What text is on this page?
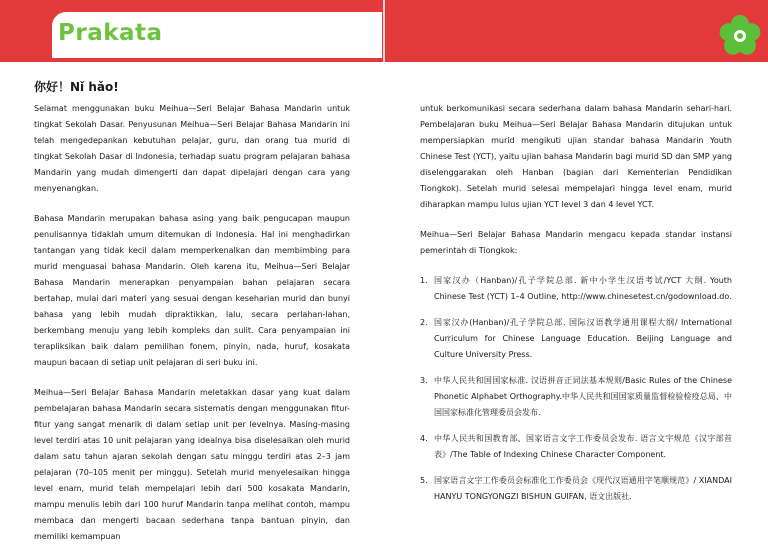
Prakata
你好！Nǐ hǎo!

Selamat menggunakan buku Meihua—Seri Belajar Bahasa Mandarin untuk tingkat Sekolah Dasar. Penyusunan Meihua—Seri Belajar Bahasa Mandarin ini telah mengedepankan kebutuhan pelajar, guru, dan orang tua murid di tingkat Sekolah Dasar di Indonesia, terhadap suatu program pelajaran bahasa Mandarin yang mudah dimengerti dan dapat dipelajari dengan cara yang menyenangkan.

Bahasa Mandarin merupakan bahasa asing yang baik pengucapan maupun penulisannya tidaklah umum ditemukan di Indonesia. Hal ini menghadirkan tantangan yang tidak kecil dalam memperkenalkan dan membimbing para murid menguasai bahasa Mandarin. Oleh karena itu, Meihua—Seri Belajar Bahasa Mandarin menerapkan penyampaian bahan pelajaran secara bertahap, mulai dari materi yang sesuai dengan keseharian murid dan bunyi bahasa yang lebih mudah dipraktikkan, lalu, secara perlahan-lahan, berkembang menuju yang lebih kompleks dan sulit. Cara penyampaian ini terapliksikan baik dalam pemilihan fonem, pinyin, nada, huruf, kosakata maupun bacaan di setiap unit pelajaran di seri buku ini.

Meihua—Seri Belajar Bahasa Mandarin meletakkan dasar yang kuat dalam pembelajaran bahasa Mandarin secara sistematis dengan menggunakan fitur-fitur yang sangat menarik di dalam setiap unit per levelnya. Masing-masing level terdiri atas 10 unit pelajaran yang idealnya bisa diselesaikan oleh murid dalam satu tahun ajaran sekolah dengan satu minggu terdiri atas 2–3 jam pelajaran (70–105 menit per minggu). Setelah murid menyelesaikan hingga level enam, murid telah mempelajari lebih dari 500 kosakata Mandarin, mampu menulis lebih dari 100 huruf Mandarin tanpa melihat contoh, mampu membaca dan mengerti bacaan sederhana tanpa bantuan pinyin, dan memiliki kemampuan

untuk berkomunikasi secara sederhana dalam bahasa Mandarin sehari-hari. Pembelajaran buku Meihua—Seri Belajar Bahasa Mandarin ditujukan untuk mempersiapkan murid mengikuti ujian standar bahasa Mandarin Youth Chinese Test (YCT), yaitu ujian bahasa Mandarin bagi murid SD dan SMP yang diselenggarakan oleh Hanban (bagian dari Kementerian Pendidikan Tiongkok). Setelah murid selesai mempelajari hingga level enam, murid diharapkan mampu lulus ujian YCT level 3 dan 4 level YCT.

Meihua—Seri Belajar Bahasa Mandarin mengacu kepada standar instansi pemerintah di Tiongkok:

1. 国家汉办（Hanban)/孔子学院总部. 新中小学生汉语考试/YCT 大纲. Youth Chinese Test (YCT) 1–4 Outline, http://www.chinesetest.cn/godownload.do.
2. 国家汉办(Hanban)/孔子学院总部. 国际汉语教学通用课程大纲/ International Curriculum for Chinese Language Education. Beijing Language and Culture University Press.
3. 中华人民共和国国家标准. 汉语拼音正词法基本规则/Basic Rules of the Chinese Phonetic Alphabet Orthography.中华人民共和国国家质量监督检验检疫总局、中国国家标准化管理委员会发布.
4. 中华人民共和国教育部、国家语言文字工作委员会发布. 语言文字规范《汉字部首表》/The Table of Indexing Chinese Character Component.
5. 国家语言文字工作委员会标准化工作委员会《现代汉语通用字笔顺规范》/ XIANDAI HANYU TONGYONGZI BISHUN GUIFAN, 语文出版社.
